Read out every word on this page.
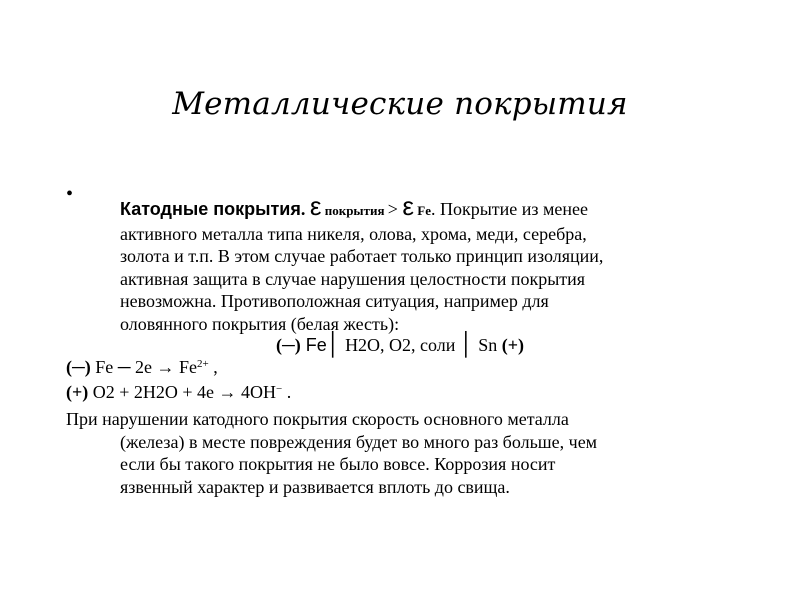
Металлические покрытия
•
Катодные покрытия. ε покрытия > ε Fe. Покрытие из менее
активного металла типа никеля, олова, хрома, меди, серебра,
золота и т.п. В этом случае работает только принцип изоляции,
активная защита в случае нарушения целостности покрытия
невозможна. Противоположная ситуация, например для
оловянного покрытия (белая жесть):
(─) Fe│ H2O, O2, соли │ Sn (+)
(─) Fe ─ $2e \to Fe^{2+}$ ,
(+) O2 + 2H2O + 4e → 4OH− .
При нарушении катодного покрытия скорость основного металла
(железа) в месте повреждения будет во много раз больше, чем
если бы такого покрытия не было вовсе. Коррозия носит
язвенный характер и развивается вплоть до свища.
